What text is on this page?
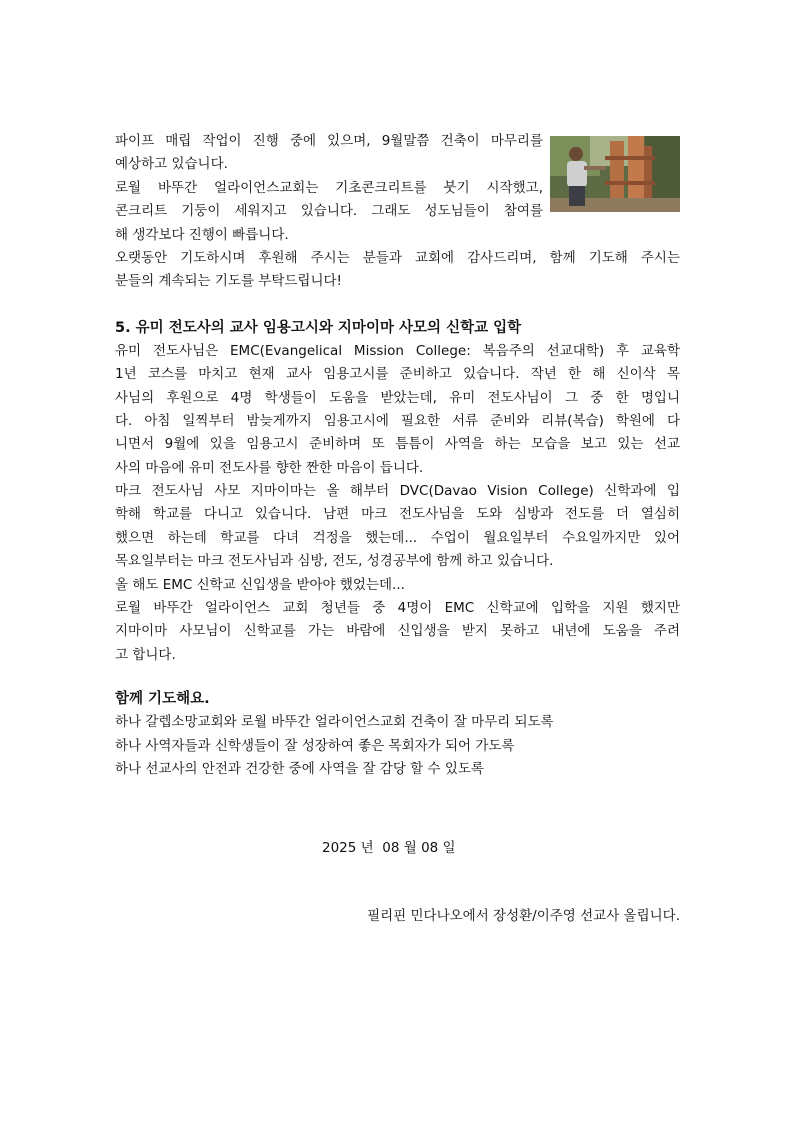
파이프 매립 작업이 진행 중에 있으며, 9월말쯤 건축이 마무리를
예상하고 있습니다.
로월 바뚜간 얼라이언스교회는 기초콘크리트를 붓기 시작했고,
콘크리트 기둥이 세워지고 있습니다. 그래도 성도님들이 참여를
해 생각보다 진행이 빠릅니다.
오랫동안 기도하시며 후원해 주시는 분들과 교회에 감사드리며, 함께 기도해 주시는
분들의 계속되는 기도를 부탁드립니다!
5. 유미 전도사의 교사 임용고시와 지마이마 사모의 신학교 입학
유미 전도사님은 EMC(Evangelical Mission College: 복음주의 선교대학) 후 교육학
1년 코스를 마치고 현재 교사 임용고시를 준비하고 있습니다. 작년 한 해 신이삭 목
사님의 후원으로 4명 학생들이 도움을 받았는데, 유미 전도사님이 그 중 한 명입니
다. 아침 일찍부터 밤늦게까지 임용고시에 필요한 서류 준비와 리뷰(복습) 학원에 다
니면서 9월에 있을 임용고시 준비하며 또 틈틈이 사역을 하는 모습을 보고 있는 선교
사의 마음에 유미 전도사를 향한 짠한 마음이 듭니다.
마크 전도사님 사모 지마이마는 올 해부터 DVC(Davao Vision College) 신학과에 입
학해 학교를 다니고 있습니다. 남편 마크 전도사님을 도와 심방과 전도를 더 열심히
했으면 하는데 학교를 다녀 걱정을 했는데... 수업이 월요일부터 수요일까지만 있어
목요일부터는 마크 전도사님과 심방, 전도, 성경공부에 함께 하고 있습니다.
올 해도 EMC 신학교 신입생을 받아야 했었는데...
로월 바뚜간 얼라이언스 교회 청년들 중 4명이 EMC 신학교에 입학을 지원 했지만
지마이마 사모님이 신학교를 가는 바람에 신입생을 받지 못하고 내년에 도움을 주려
고 합니다.
함께 기도해요.
하나 갈렙소망교회와 로월 바뚜간 얼라이언스교회 건축이 잘 마무리 되도록
하나 사역자들과 신학생들이 잘 성장하여 좋은 목회자가 되어 가도록
하나 선교사의 안전과 건강한 중에 사역을 잘 감당 할 수 있도록
2025 년  08 월 08 일
필리핀 민다나오에서 장성환/이주영 선교사 올립니다.
